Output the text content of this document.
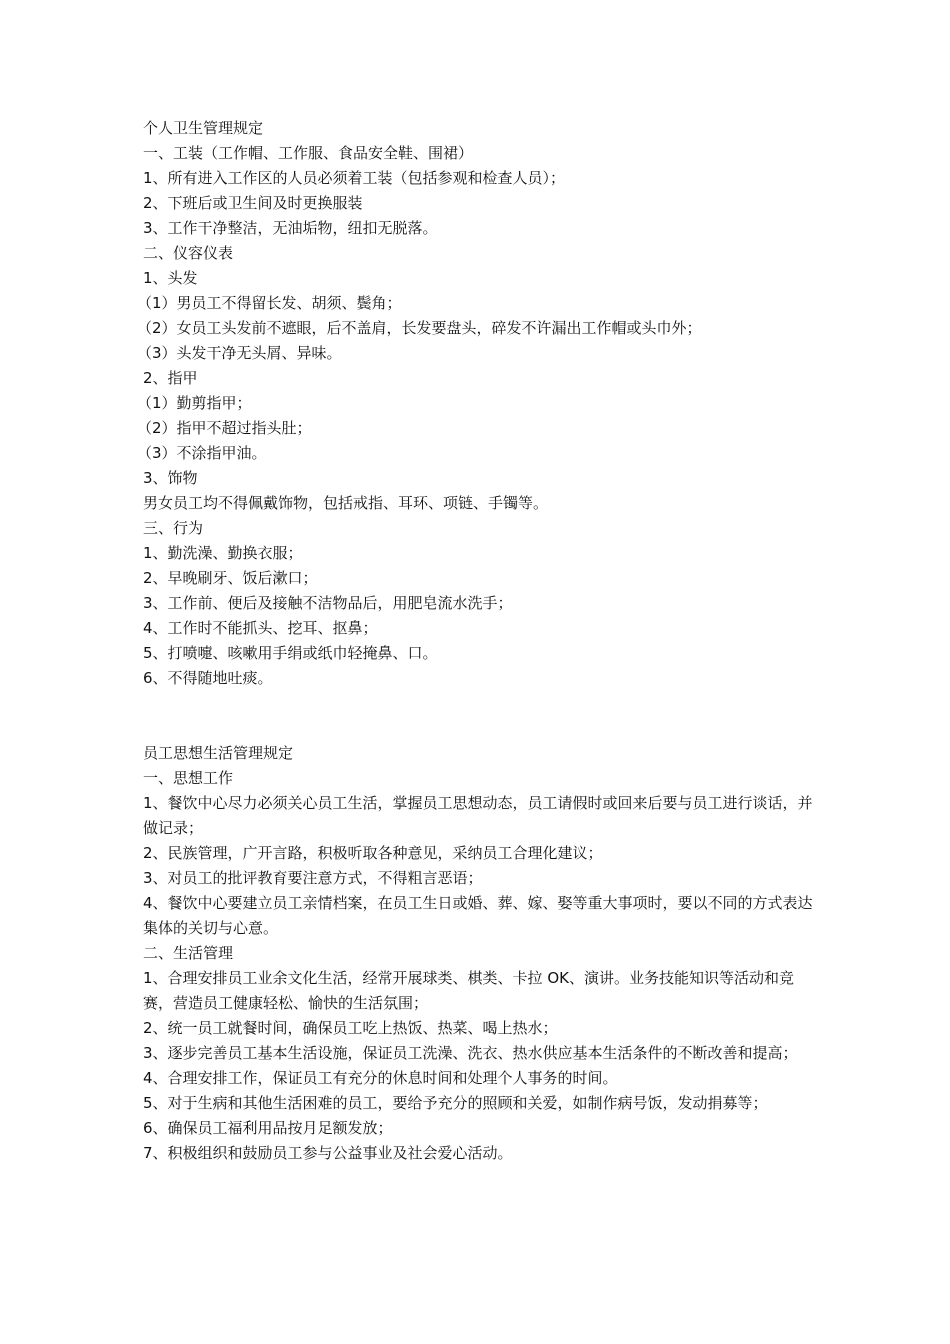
个人卫生管理规定
一、工装（工作帽、工作服、食品安全鞋、围裙）
1、所有进入工作区的人员必须着工装（包括参观和检查人员）；
2、下班后或卫生间及时更换服装
3、工作干净整洁，无油垢物，纽扣无脱落。
二、仪容仪表
1、头发
（1）男员工不得留长发、胡须、鬓角；
（2）女员工头发前不遮眼，后不盖肩，长发要盘头，碎发不许漏出工作帽或头巾外；
（3）头发干净无头屑、异味。
2、指甲
（1）勤剪指甲；
（2）指甲不超过指头肚；
（3）不涂指甲油。
3、饰物
男女员工均不得佩戴饰物，包括戒指、耳环、项链、手镯等。
三、行为
1、勤洗澡、勤换衣服；
2、早晚刷牙、饭后漱口；
3、工作前、便后及接触不洁物品后，用肥皂流水洗手；
4、工作时不能抓头、挖耳、抠鼻；
5、打喷嚏、咳嗽用手绢或纸巾轻掩鼻、口。
6、不得随地吐痰。
员工思想生活管理规定
一、思想工作
1、餐饮中心尽力必须关心员工生活，掌握员工思想动态，员工请假时或回来后要与员工进行谈话，并做记录；
2、民族管理，广开言路，积极听取各种意见，采纳员工合理化建议；
3、对员工的批评教育要注意方式，不得粗言恶语；
4、餐饮中心要建立员工亲情档案，在员工生日或婚、葬、嫁、娶等重大事项时，要以不同的方式表达集体的关切与心意。
二、生活管理
1、合理安排员工业余文化生活，经常开展球类、棋类、卡拉 OK、演讲。业务技能知识等活动和竞赛，营造员工健康轻松、愉快的生活氛围；
2、统一员工就餐时间，确保员工吃上热饭、热菜、喝上热水；
3、逐步完善员工基本生活设施，保证员工洗澡、洗衣、热水供应基本生活条件的不断改善和提高；
4、合理安排工作，保证员工有充分的休息时间和处理个人事务的时间。
5、对于生病和其他生活困难的员工，要给予充分的照顾和关爱，如制作病号饭，发动捐募等；
6、确保员工福利用品按月足额发放；
7、积极组织和鼓励员工参与公益事业及社会爱心活动。
